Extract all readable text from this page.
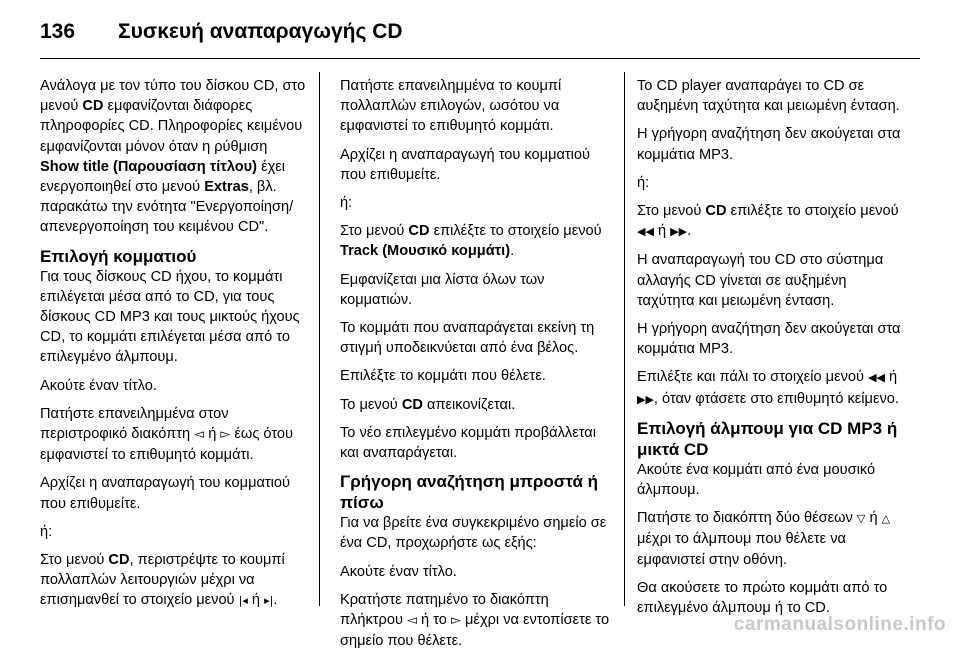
136 Συσκευή αναπαραγωγής CD

Ανάλογα με τον τύπο του δίσκου CD, στο μενού CD εμφανίζονται διάφορες πληροφορίες CD. Πληροφορίες κειμένου εμφανίζονται μόνον όταν η ρύθμιση Show title (Παρουσίαση τίτλου) έχει ενεργοποιηθεί στο μενού Extras, βλ. παρακάτω την ενότητα "Ενεργοποίηση/απενεργοποίηση του κειμένου CD".

Επιλογή κομματιού

Για τους δίσκους CD ήχου, το κομμάτι επιλέγεται μέσα από το CD, για τους δίσκους CD MP3 και τους μικτούς ήχους CD, το κομμάτι επιλέγεται μέσα από το επιλεγμένο άλμπουμ.

Ακούτε έναν τίτλο.

Πατήστε επανειλημμένα στον περιστροφικό διακόπτη ◅ ή ▻ έως ότου εμφανιστεί το επιθυμητό κομμάτι.

Αρχίζει η αναπαραγωγή του κομματιού που επιθυμείτε.

ή:

Στο μενού CD, περιστρέψτε το κουμπί πολλαπλών λειτουργιών μέχρι να επισημανθεί το στοιχείο μενού |◂ ή ▸|.

Πατήστε επανειλημμένα το κουμπί πολλαπλών επιλογών, ωσότου να εμφανιστεί το επιθυμητό κομμάτι.

Αρχίζει η αναπαραγωγή του κομματιού που επιθυμείτε.

ή:

Στο μενού CD επιλέξτε το στοιχείο μενού Track (Μουσικό κομμάτι).

Εμφανίζεται μια λίστα όλων των κομματιών.

Το κομμάτι που αναπαράγεται εκείνη τη στιγμή υποδεικνύεται από ένα βέλος.

Επιλέξτε το κομμάτι που θέλετε.

Το μενού CD απεικονίζεται.

Το νέο επιλεγμένο κομμάτι προβάλλεται και αναπαράγεται.

Γρήγορη αναζήτηση μπροστά ή πίσω

Για να βρείτε ένα συγκεκριμένο σημείο σε ένα CD, προχωρήστε ως εξής:

Ακούτε έναν τίτλο.

Κρατήστε πατημένο το διακόπτη πλήκτρου ◅ ή το ▻ μέχρι να εντοπίσετε το σημείο που θέλετε.

Το CD player αναπαράγει το CD σε αυξημένη ταχύτητα και μειωμένη ένταση.

Η γρήγορη αναζήτηση δεν ακούγεται στα κομμάτια MP3.

ή:

Στο μενού CD επιλέξτε το στοιχείο μενού ◀◀ ή ▶▶.

Η αναπαραγωγή του CD στο σύστημα αλλαγής CD γίνεται σε αυξημένη ταχύτητα και μειωμένη ένταση.

Η γρήγορη αναζήτηση δεν ακούγεται στα κομμάτια MP3.

Επιλέξτε και πάλι το στοιχείο μενού ◀◀ ή ▶▶, όταν φτάσετε στο επιθυμητό κείμενο.

Επιλογή άλμπουμ για CD MP3 ή μικτά CD

Ακούτε ένα κομμάτι από ένα μουσικό άλμπουμ.

Πατήστε το διακόπτη δύο θέσεων ▽ ή △ μέχρι το άλμπουμ που θέλετε να εμφανιστεί στην οθόνη.

Θα ακούσετε το πρώτο κομμάτι από το επιλεγμένο άλμπουμ ή το CD.

carmanualsonline.info
